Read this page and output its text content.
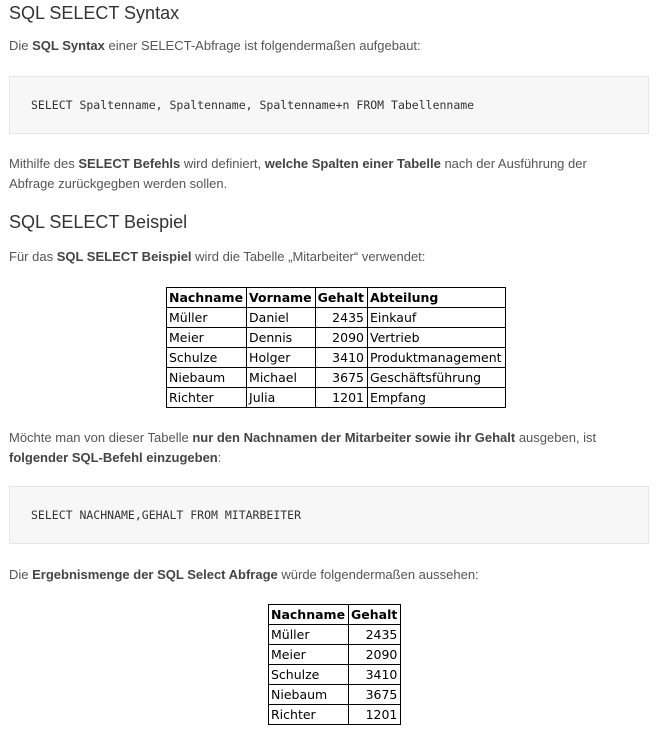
SQL SELECT Syntax

Die SQL Syntax einer SELECT-Abfrage ist folgendermaßen aufgebaut:

SELECT Spaltenname, Spaltenname, Spaltenname+n FROM Tabellenname

Mithilfe des SELECT Befehls wird definiert, welche Spalten einer Tabelle nach der Ausführung der Abfrage zurückgegben werden sollen.

SQL SELECT Beispiel

Für das SQL SELECT Beispiel wird die Tabelle „Mitarbeiter“ verwendet:

Nachname	Vorname	Gehalt	Abteilung
Müller	Daniel	2435	Einkauf
Meier	Dennis	2090	Vertrieb
Schulze	Holger	3410	Produktmanagement
Niebaum	Michael	3675	Geschäftsführung
Richter	Julia	1201	Empfang

Möchte man von dieser Tabelle nur den Nachnamen der Mitarbeiter sowie ihr Gehalt ausgeben, ist folgender SQL-Befehl einzugeben:

SELECT NACHNAME,GEHALT FROM MITARBEITER

Die Ergebnismenge der SQL Select Abfrage würde folgendermaßen aussehen:

Nachname	Gehalt
Müller	2435
Meier	2090
Schulze	3410
Niebaum	3675
Richter	1201
